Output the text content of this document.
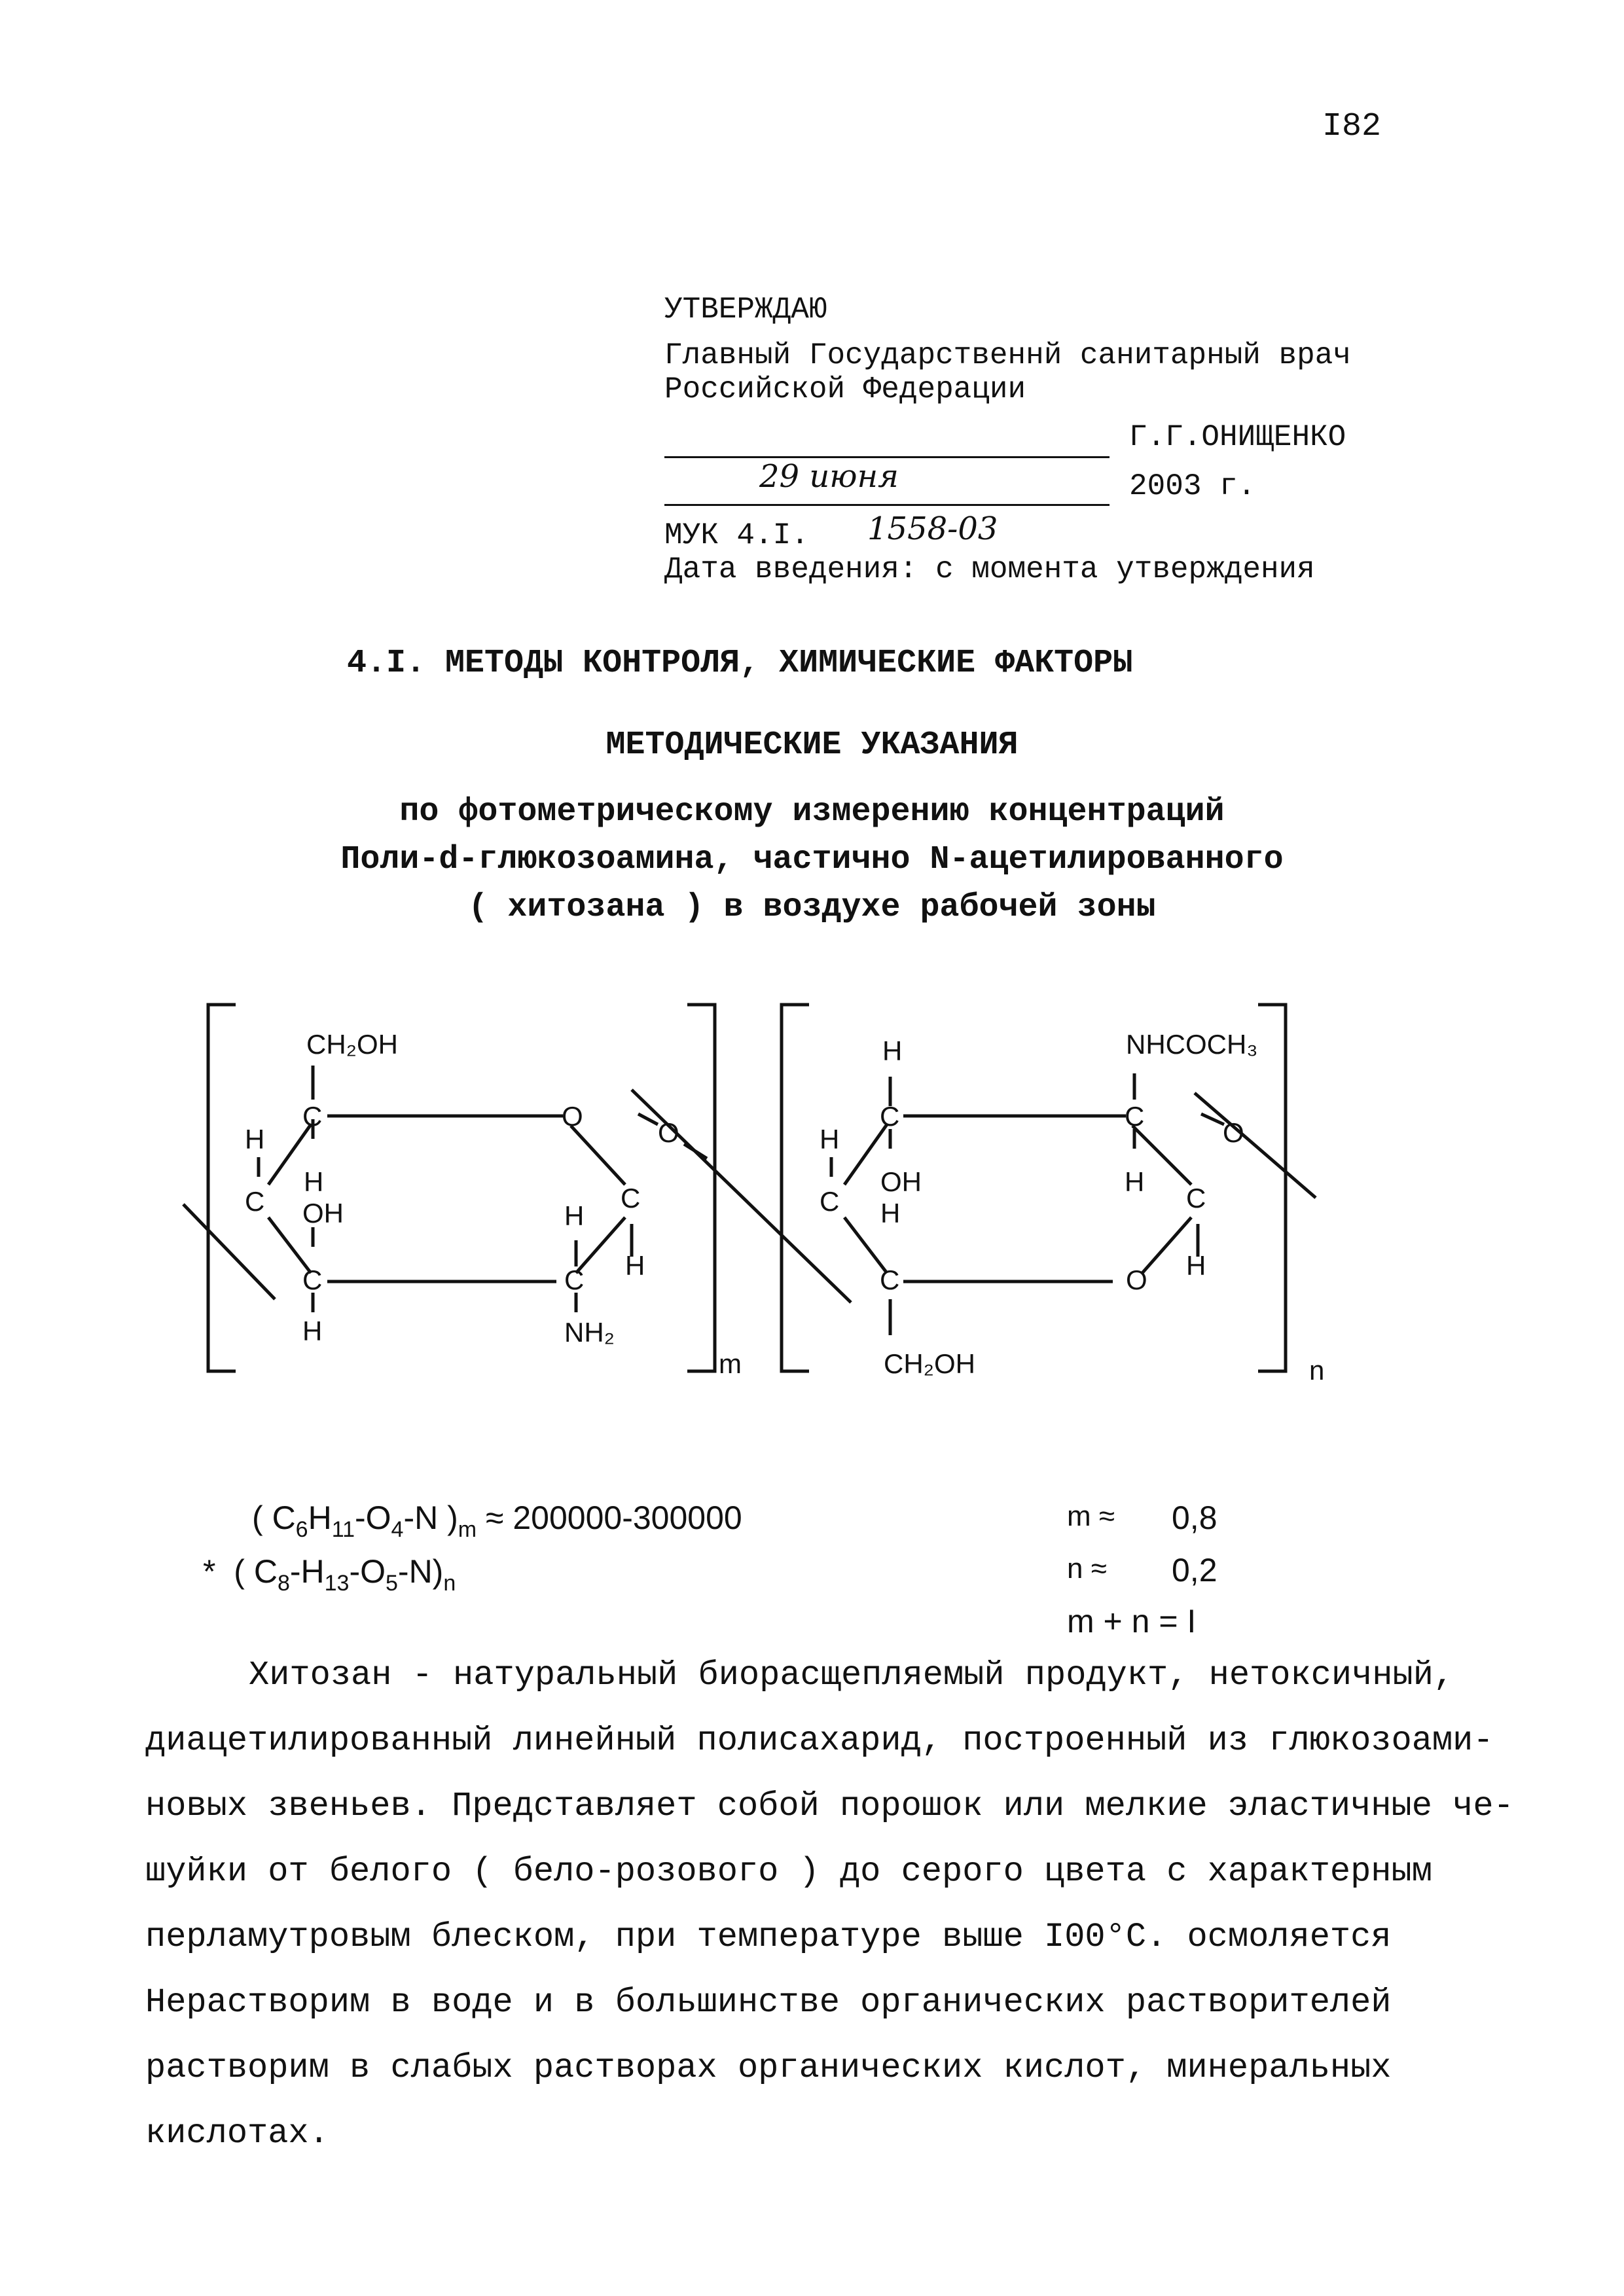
I82
УТВЕРЖДАЮ
Главный Государственнй санитарный врач
Российской Федерации
Г.Г.ОНИЩЕНКО
29 июня	2003 г.
МУК 4.I. 1558-03
Дата введения: с момента утверждения
4.I. МЕТОДЫ КОНТРОЛЯ, ХИМИЧЕСКИЕ ФАКТОРЫ
МЕТОДИЧЕСКИЕ УКАЗАНИЯ
по фотометрическому измерению концентраций
Поли-d-глюкозоамина, частично N-ацетилированного
( хитозана ) в воздухе рабочей зоны
CH₂OH
C
H
H
C OH
C
H
O
C
H
H
C
NH₂
O
m
H
C
H
OH
C H
C
CH₂OH
NHCOCH₃
C
H
C
H
O
O
n
( $C_6H_{11}-O_4-N$ )$_m \approx 200000-300000$
* ( $C_8-H_{13}-O_5-N)_n$
m ≈ 0,8
n ≈ 0,2
m + n = I
Хитозан - натуральный биорасщепляемый продукт, нетоксичный,
диацетилированный линейный полисахарид, построенный из глюкозоами-
новых звеньев. Представляет собой порошок или мелкие эластичные че-
шуйки от белого ( бело-розового ) до серого цвета с характерным
перламутровым блеском, при температуре выше I00°C. осмоляется
Нерастворим в воде и в большинстве органических растворителей
растворим в слабых растворах органических кислот, минеральных
кислотах.
